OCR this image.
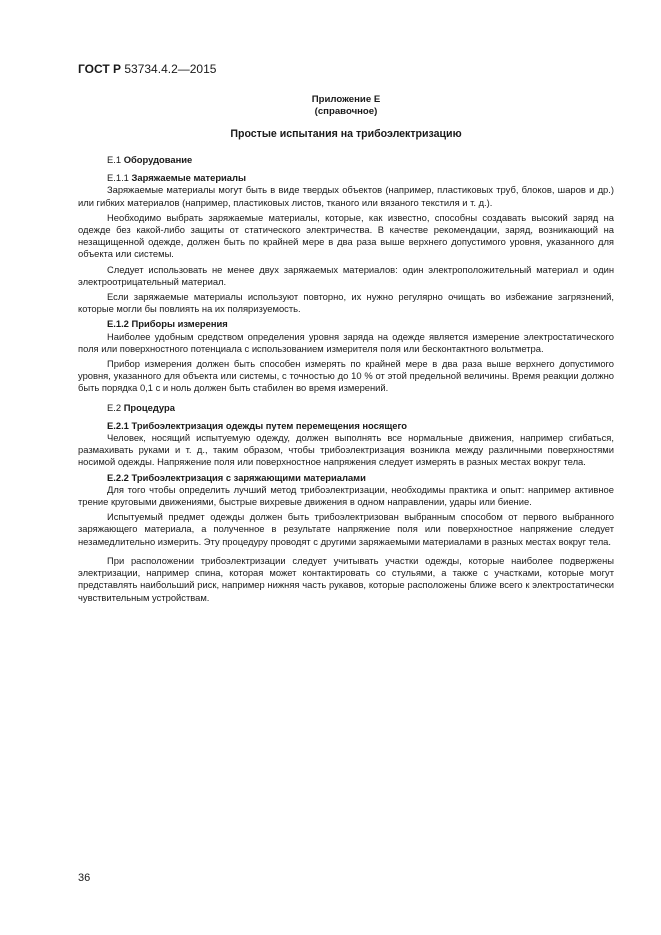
ГОСТ Р 53734.4.2—2015
Приложение Е
(справочное)
Простые испытания на трибоэлектризацию
Е.1 Оборудование
Е.1.1 Заряжаемые материалы

Заряжаемые материалы могут быть в виде твердых объектов (например, пластиковых труб, блоков, шаров и др.) или гибких материалов (например, пластиковых листов, тканого или вязаного текстиля и т. д.).

Необходимо выбрать заряжаемые материалы, которые, как известно, способны создавать высокий заряд на одежде без какой-либо защиты от статического электричества. В качестве рекомендации, заряд, возникающий на незащищенной одежде, должен быть по крайней мере в два раза выше верхнего допустимого уровня, указанного для объекта или системы.

Следует использовать не менее двух заряжаемых материалов: один электроположительный материал и один электроотрицательный материал.

Если заряжаемые материалы используют повторно, их нужно регулярно очищать во избежание загрязнений, которые могли бы повлиять на их поляризуемость.

Е.1.2 Приборы измерения

Наиболее удобным средством определения уровня заряда на одежде является измерение электростатического поля или поверхностного потенциала с использованием измерителя поля или бесконтактного вольтметра.

Прибор измерения должен быть способен измерять по крайней мере в два раза выше верхнего допустимого уровня, указанного для объекта или системы, с точностью до 10 % от этой предельной величины. Время реакции должно быть порядка 0,1 с и ноль должен быть стабилен во время измерений.

Е.2 Процедура
Е.2.1 Трибоэлектризация одежды путем перемещения носящего

Человек, носящий испытуемую одежду, должен выполнять все нормальные движения, например сгибаться, размахивать руками и т. д., таким образом, чтобы трибоэлектризация возникла между различными поверхностями носимой одежды. Напряжение поля или поверхностное напряжения следует измерять в разных местах вокруг тела.

Е.2.2 Трибоэлектризация с заряжающими материалами

Для того чтобы определить лучший метод трибоэлектризации, необходимы практика и опыт: например активное трение круговыми движениями, быстрые вихревые движения в одном направлении, удары или биение.

Испытуемый предмет одежды должен быть трибоэлектризован выбранным способом от первого выбранного заряжающего материала, а полученное в результате напряжение поля или поверхностное напряжение следует незамедлительно измерить. Эту процедуру проводят с другими заряжаемыми материалами в разных местах вокруг тела.

При расположении трибоэлектризации следует учитывать участки одежды, которые наиболее подвержены электризации, например спина, которая может контактировать со стульями, а также с участками, которые могут представлять наибольший риск, например нижняя часть рукавов, которые расположены ближе всего к электростатически чувствительным устройствам.

36
